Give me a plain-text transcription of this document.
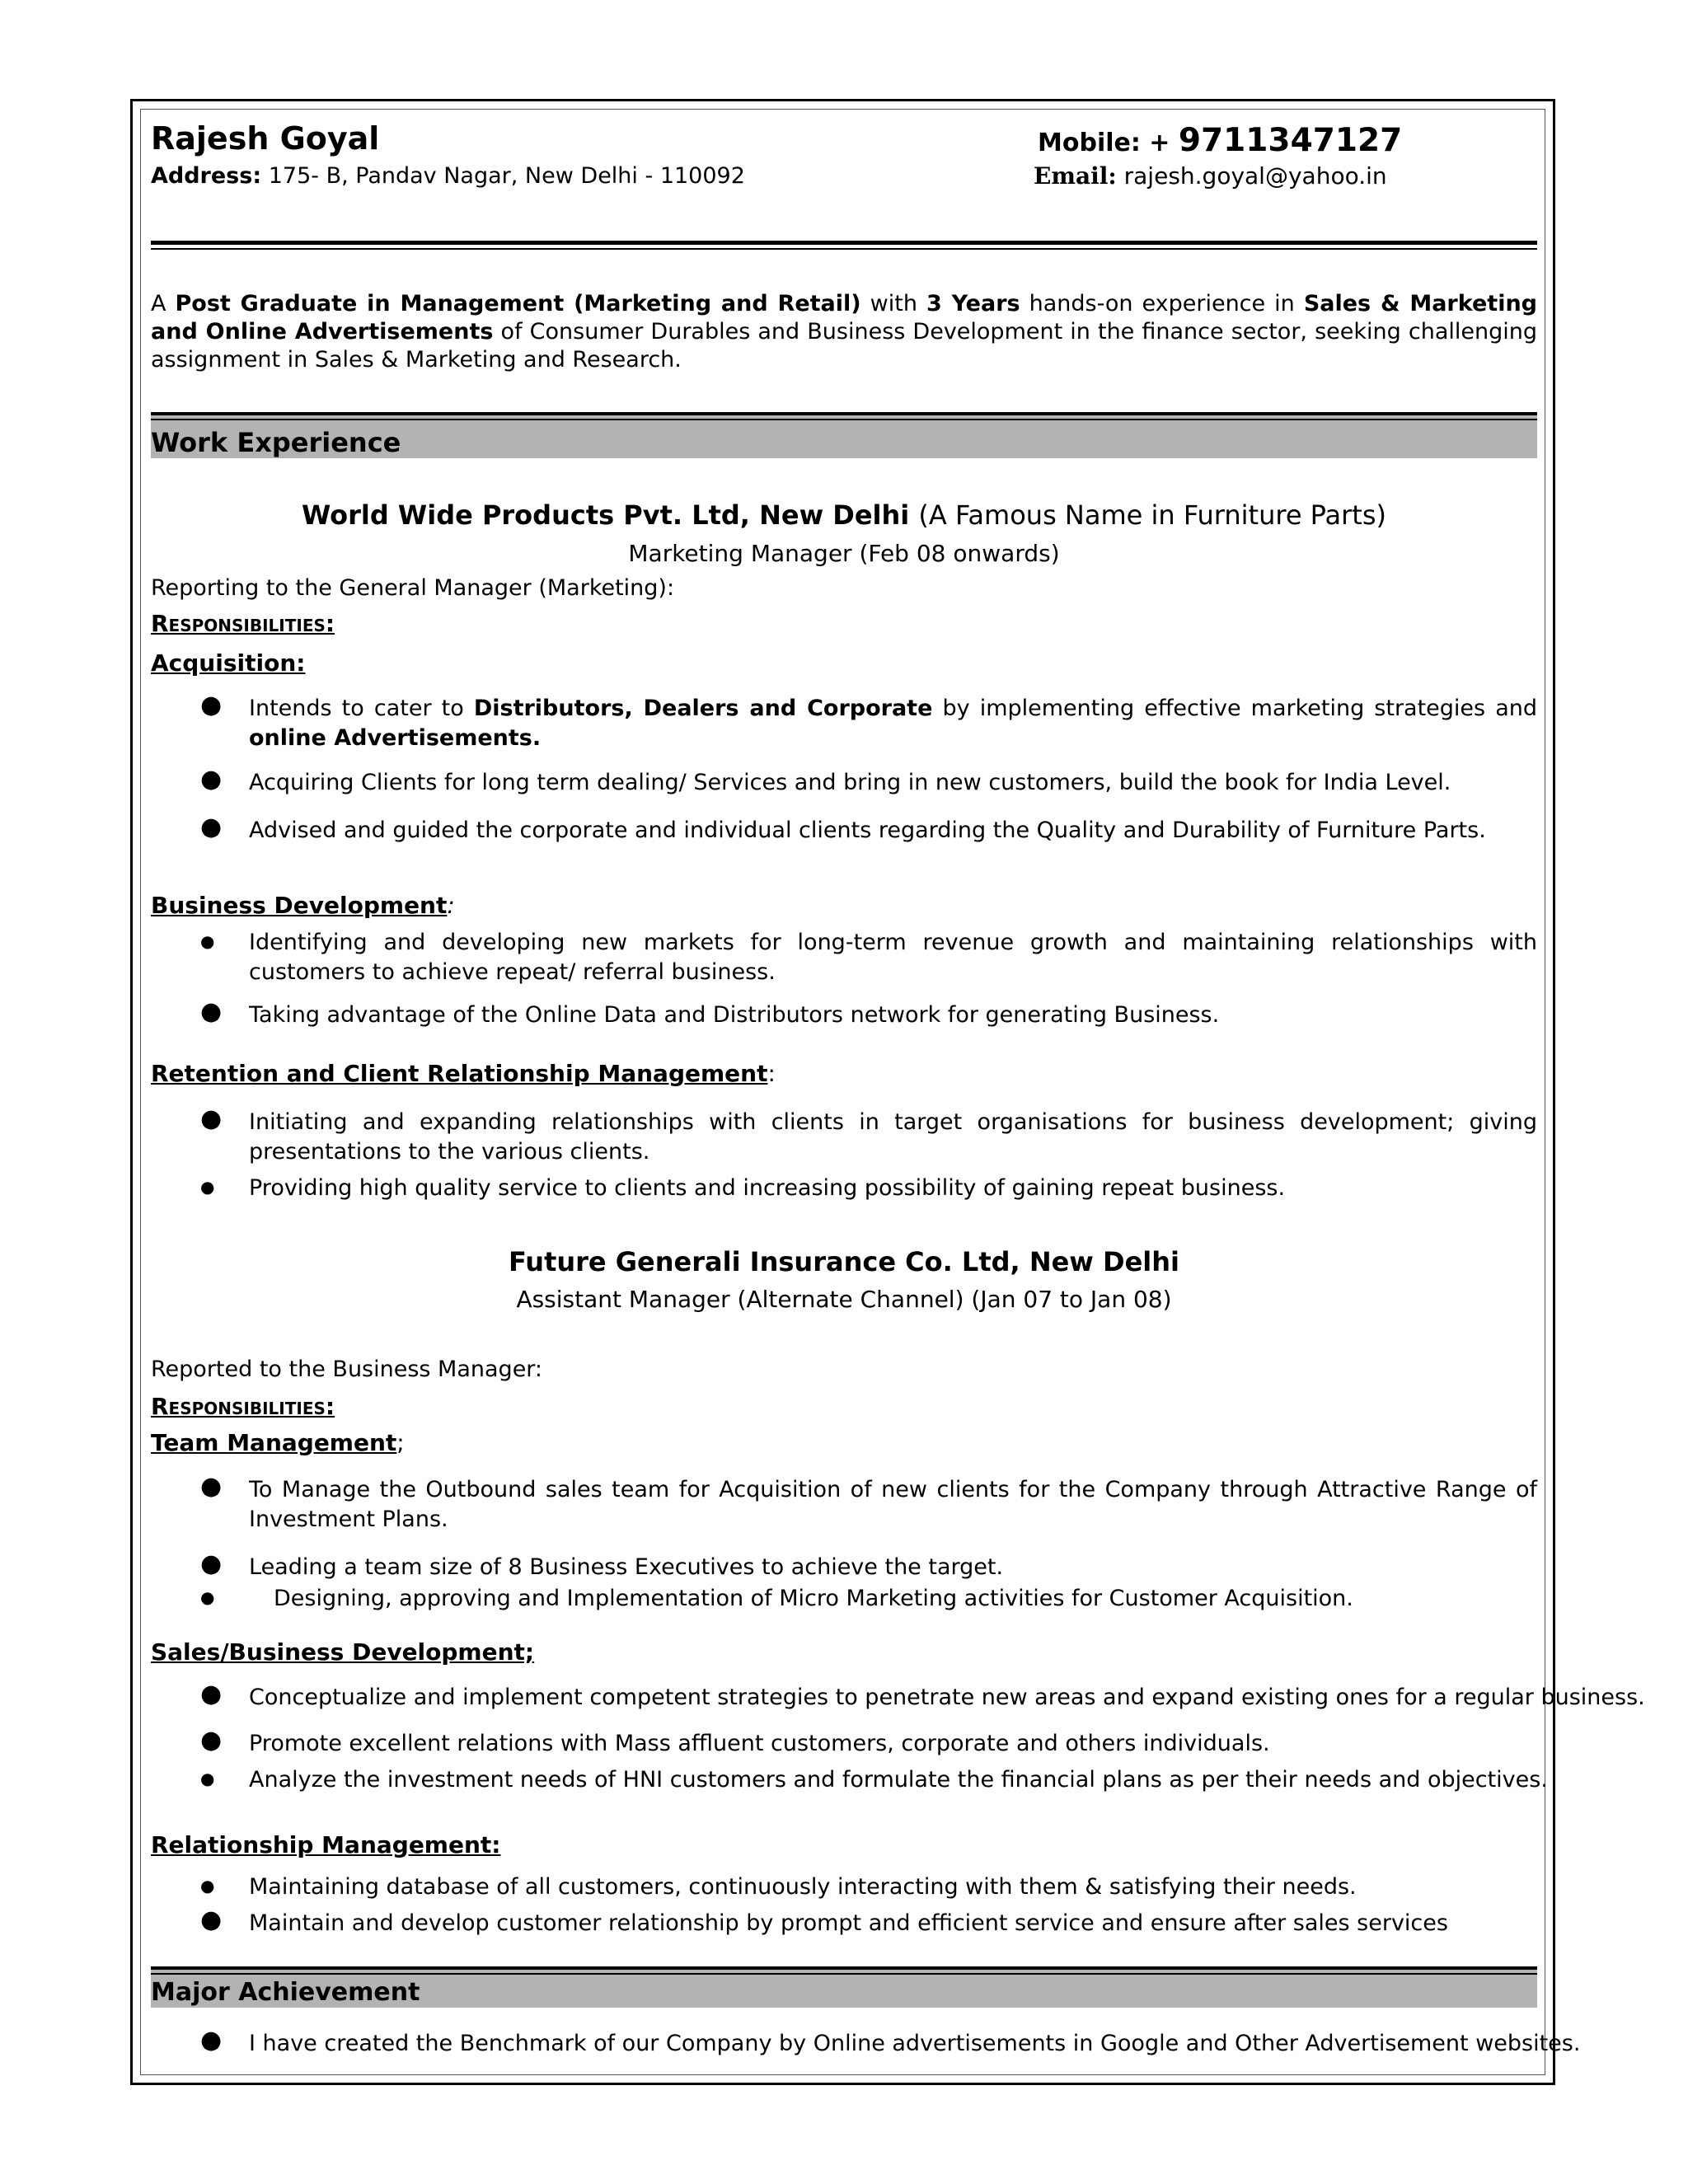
Rajesh Goyal
Address: 175- B, Pandav Nagar, New Delhi - 110092
Mobile: + 9711347127
Email: rajesh.goyal@yahoo.in
A Post Graduate in Management (Marketing and Retail) with 3 Years hands-on experience in Sales & Marketing and Online Advertisements of Consumer Durables and Business Development in the finance sector, seeking challenging assignment in Sales & Marketing and Research.
Work Experience
World Wide Products Pvt. Ltd, New Delhi (A Famous Name in Furniture Parts)
Marketing Manager (Feb 08 onwards)
Reporting to the General Manager (Marketing):
Responsibilities:
Acquisition:
● Intends to cater to Distributors, Dealers and Corporate by implementing effective marketing strategies and online Advertisements.
● Acquiring Clients for long term dealing/ Services and bring in new customers, build the book for India Level.
● Advised and guided the corporate and individual clients regarding the Quality and Durability of Furniture Parts.
Business Development:
● Identifying and developing new markets for long-term revenue growth and maintaining relationships with customers to achieve repeat/ referral business.
● Taking advantage of the Online Data and Distributors network for generating Business.
Retention and Client Relationship Management:
● Initiating and expanding relationships with clients in target organisations for business development; giving presentations to the various clients.
● Providing high quality service to clients and increasing possibility of gaining repeat business.
Future Generali Insurance Co. Ltd, New Delhi
Assistant Manager (Alternate Channel) (Jan 07 to Jan 08)
Reported to the Business Manager:
Responsibilities:
Team Management;
● To Manage the Outbound sales team for Acquisition of new clients for the Company through Attractive Range of Investment Plans.
● Leading a team size of 8 Business Executives to achieve the target.
●	Designing, approving and Implementation of Micro Marketing activities for Customer Acquisition.
Sales/Business Development;
● Conceptualize and implement competent strategies to penetrate new areas and expand existing ones for a regular business.
● Promote excellent relations with Mass affluent customers, corporate and others individuals.
● Analyze the investment needs of HNI customers and formulate the financial plans as per their needs and objectives.
Relationship Management:
● Maintaining database of all customers, continuously interacting with them & satisfying their needs.
● Maintain and develop customer relationship by prompt and efficient service and ensure after sales services
Major Achievement
● I have created the Benchmark of our Company by Online advertisements in Google and Other Advertisement websites.
